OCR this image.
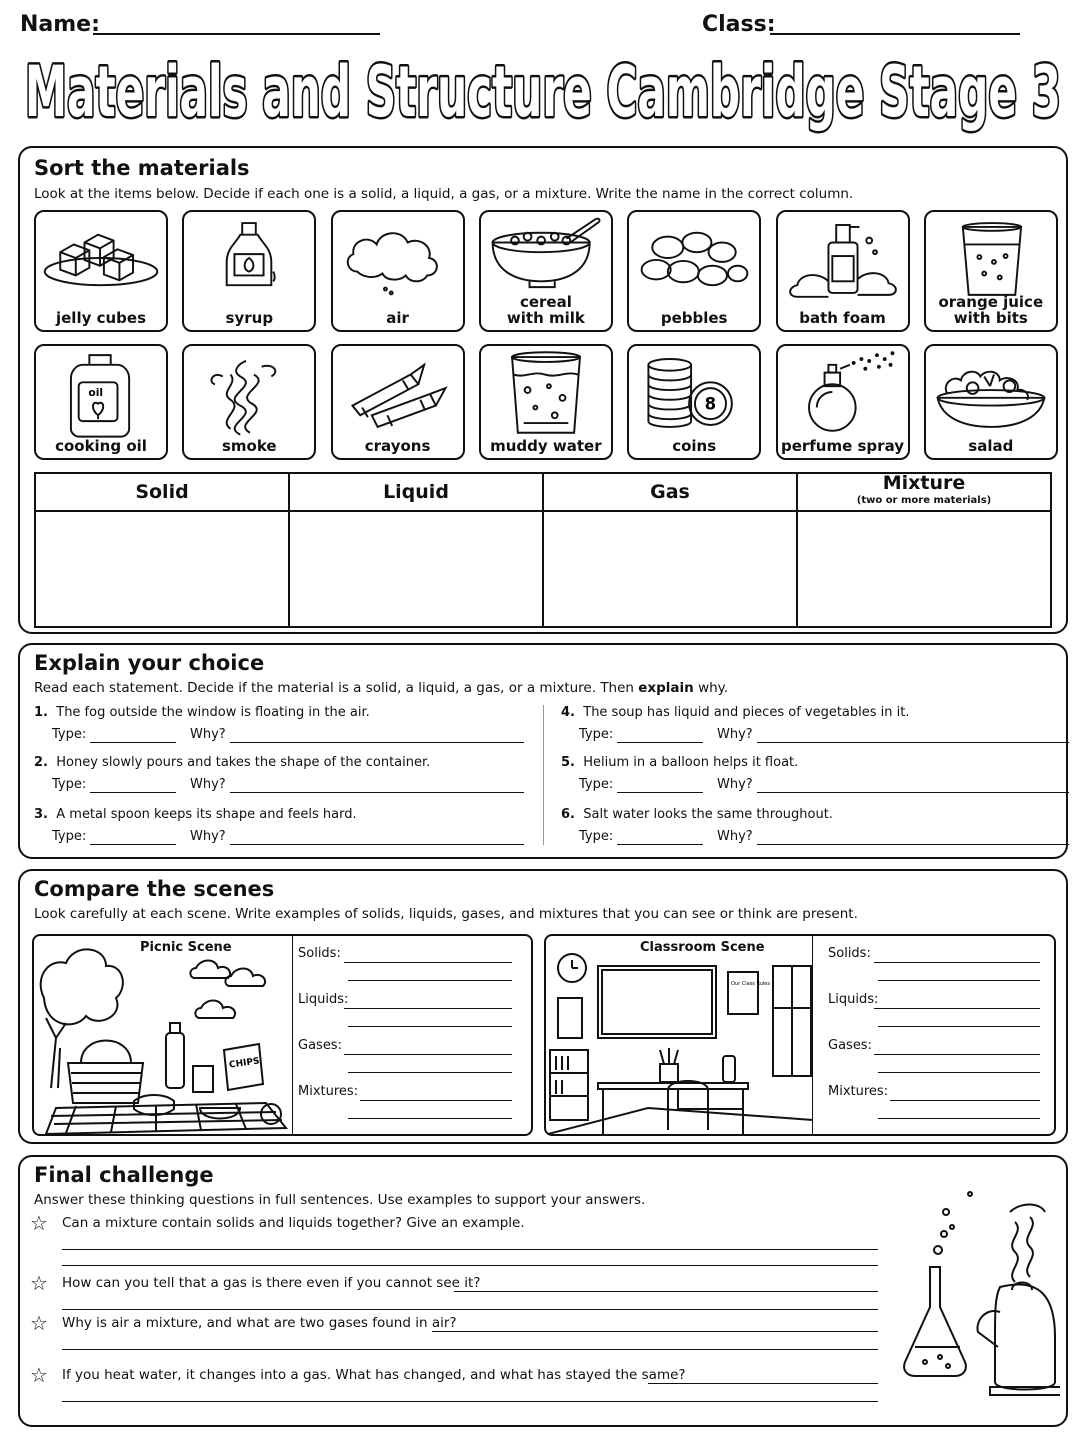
Name:	Class:
Materials and Structure Cambridge Stage 3
Sort the materials
Look at the items below. Decide if each one is a solid, a liquid, a gas, or a mixture. Write the name in the correct column.
jelly cubes	syrup	air
cereal
with milk	pebbles	bath foam
orange juice
with bits
oil
cooking oil	smoke	crayons	muddy water
8
coins	perfume spray	salad
Solid	Liquid	Gas	Mixture
(two or more materials)

Explain your choice
Read each statement. Decide if the material is a solid, a liquid, a gas, or a mixture. Then explain why.
1. The fog outside the window is floating in the air.
Type:	Why?
2. Honey slowly pours and takes the shape of the container.
Type:	Why?
3. A metal spoon keeps its shape and feels hard.
Type:	Why?
4. The soup has liquid and pieces of vegetables in it.
Type:	Why?
5. Helium in a balloon helps it float.
Type:	Why?
6. Salt water looks the same throughout.
Type:	Why?
Compare the scenes
Look carefully at each scene. Write examples of solids, liquids, gases, and mixtures that you can see or think are present.
Picnic Scene
CHIPS
Solids:
Liquids:
Gases:
Mixtures:
Classroom Scene
Our Class Rules
Solids:
Liquids:
Gases:
Mixtures:
Final challenge
Answer these thinking questions in full sentences. Use examples to support your answers.
☆ Can a mixture contain solids and liquids together? Give an example.
☆ How can you tell that a gas is there even if you cannot see it?
☆ Why is air a mixture, and what are two gases found in air?
☆ If you heat water, it changes into a gas. What has changed, and what has stayed the same?
